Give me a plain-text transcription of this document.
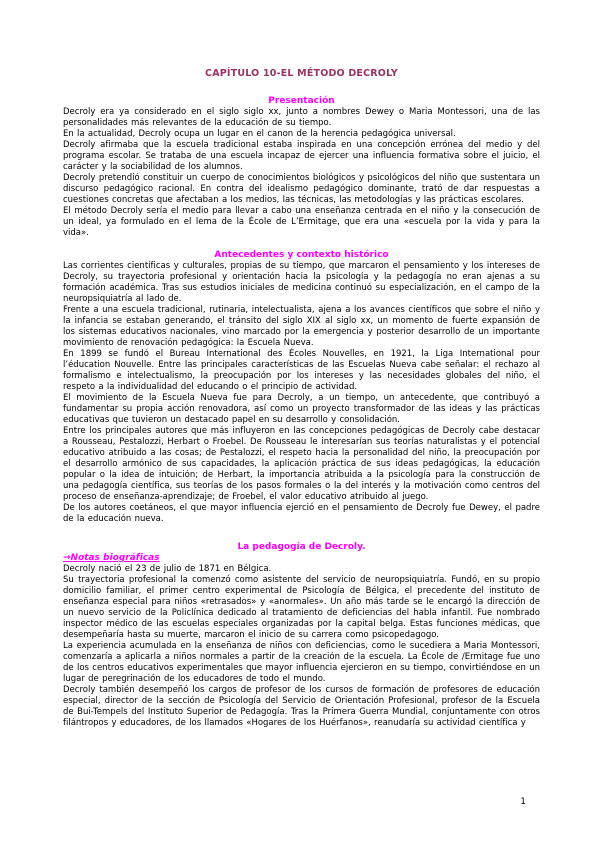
CAPÍTULO 10-EL MÉTODO DECROLY
Presentación

Decroly era ya considerado en el siglo siglo xx, junto a nombres Dewey o Maria Montessori, una de las personalidades más relevantes de la educación de su tiempo.

En la actualidad, Decroly ocupa un lugar en el canon de la herencia pedagógica universal.

Decroly afirmaba que la escuela tradicional estaba inspirada en una concepción errónea del medio y del programa escolar. Se trataba de una escuela incapaz de ejercer una influencia formativa sobre el juicio, el carácter y la sociabilidad de los alumnos.

Decroly pretendió constituir un cuerpo de conocimientos biológicos y psicológicos del niño que sustentara un discurso pedagógico racional. En contra del idealismo pedagógico dominante, trató de dar respuestas a cuestiones concretas que afectaban a los medios, las técnicas, las metodologías y las prácticas escolares.

El método Decroly sería el medio para llevar a cabo una enseñanza centrada en el niño y la consecución de un ideal, ya formulado en el lema de la École de L’Ermitage, que era una «escuela por la vida y para la vida».

Antecedentes y contexto histórico

Las corrientes científicas y culturales, propias de su tiempo, que marcaron el pensamiento y los intereses de Decroly, su trayectoria profesional y orientación hacia la psicología y la pedagogía no eran ajenas a su formación académica. Tras sus estudios iniciales de medicina continuó su especialización, en el campo de la neuropsiquiatría al lado de.

Frente a una escuela tradicional, rutinaria, intelectualista, ajena a los avances científicos que sobre el niño y la infancia se estaban generando, el tránsito del siglo XIX al siglo xx, un momento de fuerte expansión de los sistemas educativos nacionales, vino marcado por la emergencia y posterior desarrollo de un importante movimiento de renovación pedagógica: la Escuela Nueva.

En 1899 se fundó el Bureau International des Écoles Nouvelles, en 1921, la Liga International pour l’éducation Nouvelle. Entre las principales características de las Escuelas Nueva cabe señalar: el rechazo al formalismo e intelectualismo, la preocupación por los intereses y las necesidades globales del niño, el respeto a la individualidad del educando o el principio de actividad.

El movimiento de la Escuela Nueva fue para Decroly, a un tiempo, un antecedente, que contribuyó a fundamentar su propia acción renovadora, así como un proyecto transformador de las ideas y las prácticas educativas que tuvieron un destacado papel en su desarrollo y consolidación.

Entre los principales autores que más influyeron en las concepciones pedagógicas de Decroly cabe destacar a Rousseau, Pestalozzi, Herbart o Froebel. De Rousseau le interesarían sus teorías naturalistas y el potencial educativo atribuido a las cosas; de Pestalozzi, el respeto hacia la personalidad del niño, la preocupación por el desarrollo armónico de sus capacidades, la aplicación práctica de sus ideas pedagógicas, la educación popular o la idea de intuición; de Herbart, la importancia atribuida a la psicología para la construcción de una pedagogía científica, sus teorías de los pasos formales o la del interés y la motivación como centros del proceso de enseñanza-aprendizaje; de Froebel, el valor educativo atribuido al juego.

De los autores coetáneos, el que mayor influencia ejerció en el pensamiento de Decroly fue Dewey, el padre de la educación nueva.

La pedagogía de Decroly.
→Notas biográficas

Decroly nació el 23 de julio de 1871 en Bélgica.

Su trayectoria profesional la comenzó como asistente del servicio de neuropsiquiatría. Fundó, en su propio domicilio familiar, el primer centro experimental de Psicología de Bélgica, el precedente del instituto de enseñanza especial para niños «retrasados» y «anormales». Un año más tarde se le encargó la dirección de un nuevo servicio de la Policlínica dedicado al tratamiento de deficiencias del habla infantil. Fue nombrado inspector médico de las escuelas especiales organizadas por la capital belga. Estas funciones médicas, que desempeñaría hasta su muerte, marcaron el inicio de su carrera como psicopedagogo.

La experiencia acumulada en la enseñanza de niños con deficiencias, como le sucediera a Maria Montessori, comenzaría a aplicarla a niños normales a partir de la creación de la escuela. La École de /Ermitage fue uno de los centros educativos experimentales que mayor influencia ejercieron en su tiempo, convirtiéndose en un lugar de peregrinación de los educadores de todo el mundo.

Decroly también desempeñó los cargos de profesor de los cursos de formación de profesores de educación especial, director de la sección de Psicología del Servicio de Orientación Profesional, profesor de la Escuela de Bui-Tempels del Instituto Superior de Pedagogía. Tras la Primera Guerra Mundial, conjuntamente con otros filántropos y educadores, de los llamados «Hogares de los Huérfanos», reanudaría su actividad científica y

1
